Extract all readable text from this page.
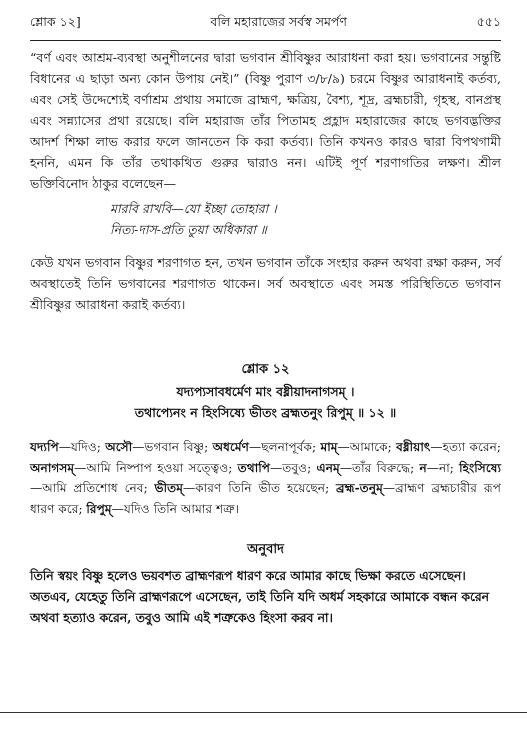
শ্লোক ১২]	বলি মহারাজের সর্বস্ব সমর্পণ	৫৫১

“বর্ণ এবং আশ্রম-ব্যবস্থা অনুশীলনের দ্বারা ভগবান শ্রীবিষ্ণুর আরাধনা করা হয়। ভগবানের সন্তুষ্টি বিধানের এ ছাড়া অন্য কোন উপায় নেই।” (বিষ্ণু পুরাণ ৩/৮/৯) চরমে বিষ্ণুর আরাধনাই কর্তব্য, এবং সেই উদ্দেশ্যেই বর্ণাশ্রম প্রথায় সমাজে ব্রাহ্মণ, ক্ষত্রিয়, বৈশ্য, শূদ্র, ব্রহ্মচারী, গৃহস্থ, বানপ্রস্থ এবং সন্ন্যাসের প্রথা রয়েছে। বলি মহারাজ তাঁর পিতামহ প্রহ্লাদ মহারাজের কাছে ভগবদ্ভক্তির আদর্শ শিক্ষা লাভ করার ফলে জানতেন কি করা কর্তব্য। তিনি কখনও কারও দ্বারা বিপথগামী হননি, এমন কি তাঁর তথাকথিত গুরুর দ্বারাও নন। এটিই পূর্ণ শরণাগতির লক্ষণ। শ্রীল ভক্তিবিনোদ ঠাকুর বলেছেন—

মারবি রাখবি—যো ইচ্ছা তোহারা ।
নিত্য-দাস-প্রতি তুয়া অধিকারা ॥

কেউ যখন ভগবান বিষ্ণুর শরণাগত হন, তখন ভগবান তাঁকে সংহার করুন অথবা রক্ষা করুন, সর্ব অবস্থাতেই তিনি ভগবানের শরণাগত থাকেন। সর্ব অবস্থাতে এবং সমস্ত পরিস্থিতিতে ভগবান শ্রীবিষ্ণুর আরাধনা করাই কর্তব্য।

শ্লোক ১২
যদ্যপ্যসাবধর্মেণ মাং বধ্নীয়াদনাগসম্ ।
তথাপ্যেনং ন হিংসিষ্যে ভীতং ব্রহ্মতনুং রিপুম্ ॥ ১২ ॥
যদ্যপি—যদিও; অসৌ—ভগবান বিষ্ণু; অধর্মেণ—ছলনাপূর্বক; মাম্—আমাকে; বধ্নীয়াৎ—হত্যা করেন; অনাগসম্—আমি নিষ্পাপ হওয়া সত্ত্বেও; তথাপি—তবুও; এনম্—তাঁর বিরুদ্ধে; ন—না; হিংসিষ্যে—আমি প্রতিশোধ নেব; ভীতম্—কারণ তিনি ভীত হয়েছেন; ব্রহ্ম-তনুম্—ব্রাহ্মণ ব্রহ্মচারীর রূপ ধারণ করে; রিপুম্—যদিও তিনি আমার শত্রু।
অনুবাদ
তিনি স্বয়ং বিষ্ণু হলেও ভয়বশত ব্রাহ্মণরূপ ধারণ করে আমার কাছে ভিক্ষা করতে এসেছেন। অতএব, যেহেতু তিনি ব্রাহ্মণরূপে এসেছেন, তাই তিনি যদি অধর্ম সহকারে আমাকে বন্ধন করেন অথবা হত্যাও করেন, তবুও আমি এই শত্রুকেও হিংসা করব না।
